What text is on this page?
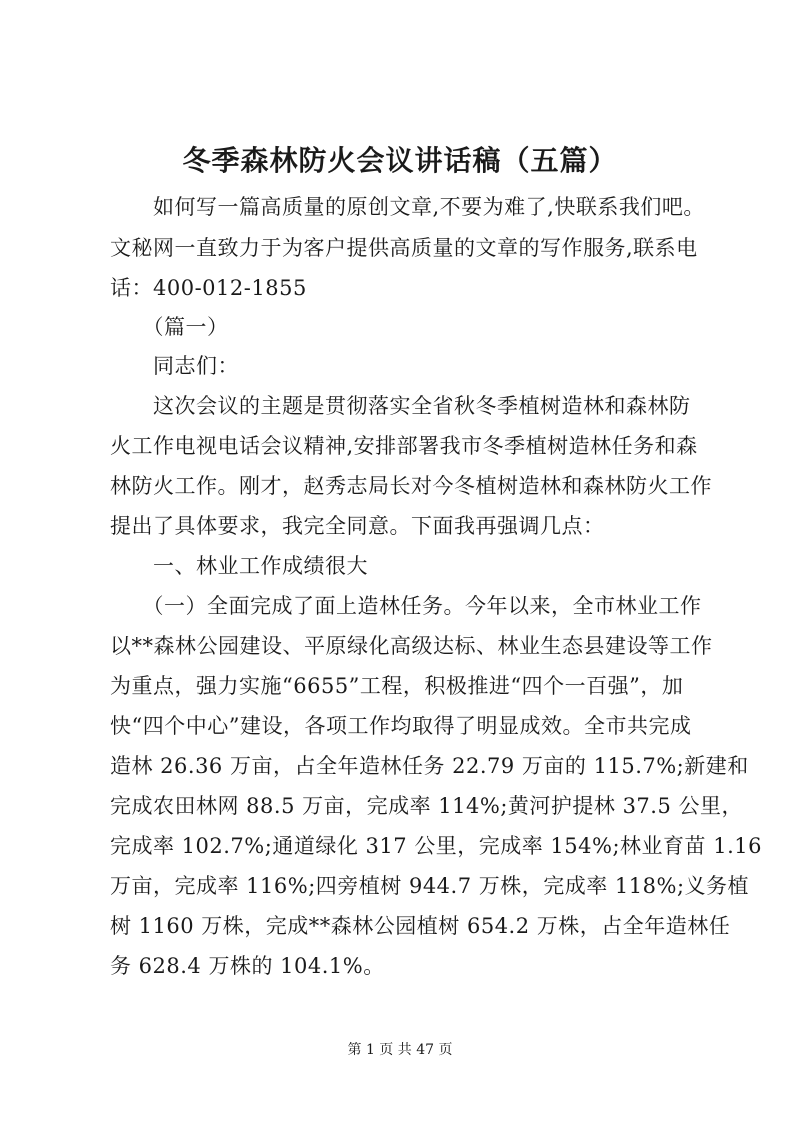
冬季森林防火会议讲话稿（五篇）
　　如何写一篇高质量的原创文章,不要为难了,快联系我们吧。
文秘网一直致力于为客户提供高质量的文章的写作服务,联系电
话：400-012-1855
　　（篇一）
　　同志们：
　　这次会议的主题是贯彻落实全省秋冬季植树造林和森林防
火工作电视电话会议精神,安排部署我市冬季植树造林任务和森
林防火工作。刚才，赵秀志局长对今冬植树造林和森林防火工作
提出了具体要求，我完全同意。下面我再强调几点：
　　一、林业工作成绩很大
　　（一）全面完成了面上造林任务。今年以来，全市林业工作
以**森林公园建设、平原绿化高级达标、林业生态县建设等工作
为重点，强力实施“6655”工程，积极推进“四个一百强”，加
快“四个中心”建设，各项工作均取得了明显成效。全市共完成
造林 26.36 万亩，占全年造林任务 22.79 万亩的 115.7%;新建和
完成农田林网 88.5 万亩，完成率 114%;黄河护提林 37.5 公里，
完成率 102.7%;通道绿化 317 公里，完成率 154%;林业育苗 1.16
万亩，完成率 116%;四旁植树 944.7 万株，完成率 118%;义务植
树 1160 万株，完成**森林公园植树 654.2 万株，占全年造林任
务 628.4 万株的 104.1%。
第 1 页 共 47 页
